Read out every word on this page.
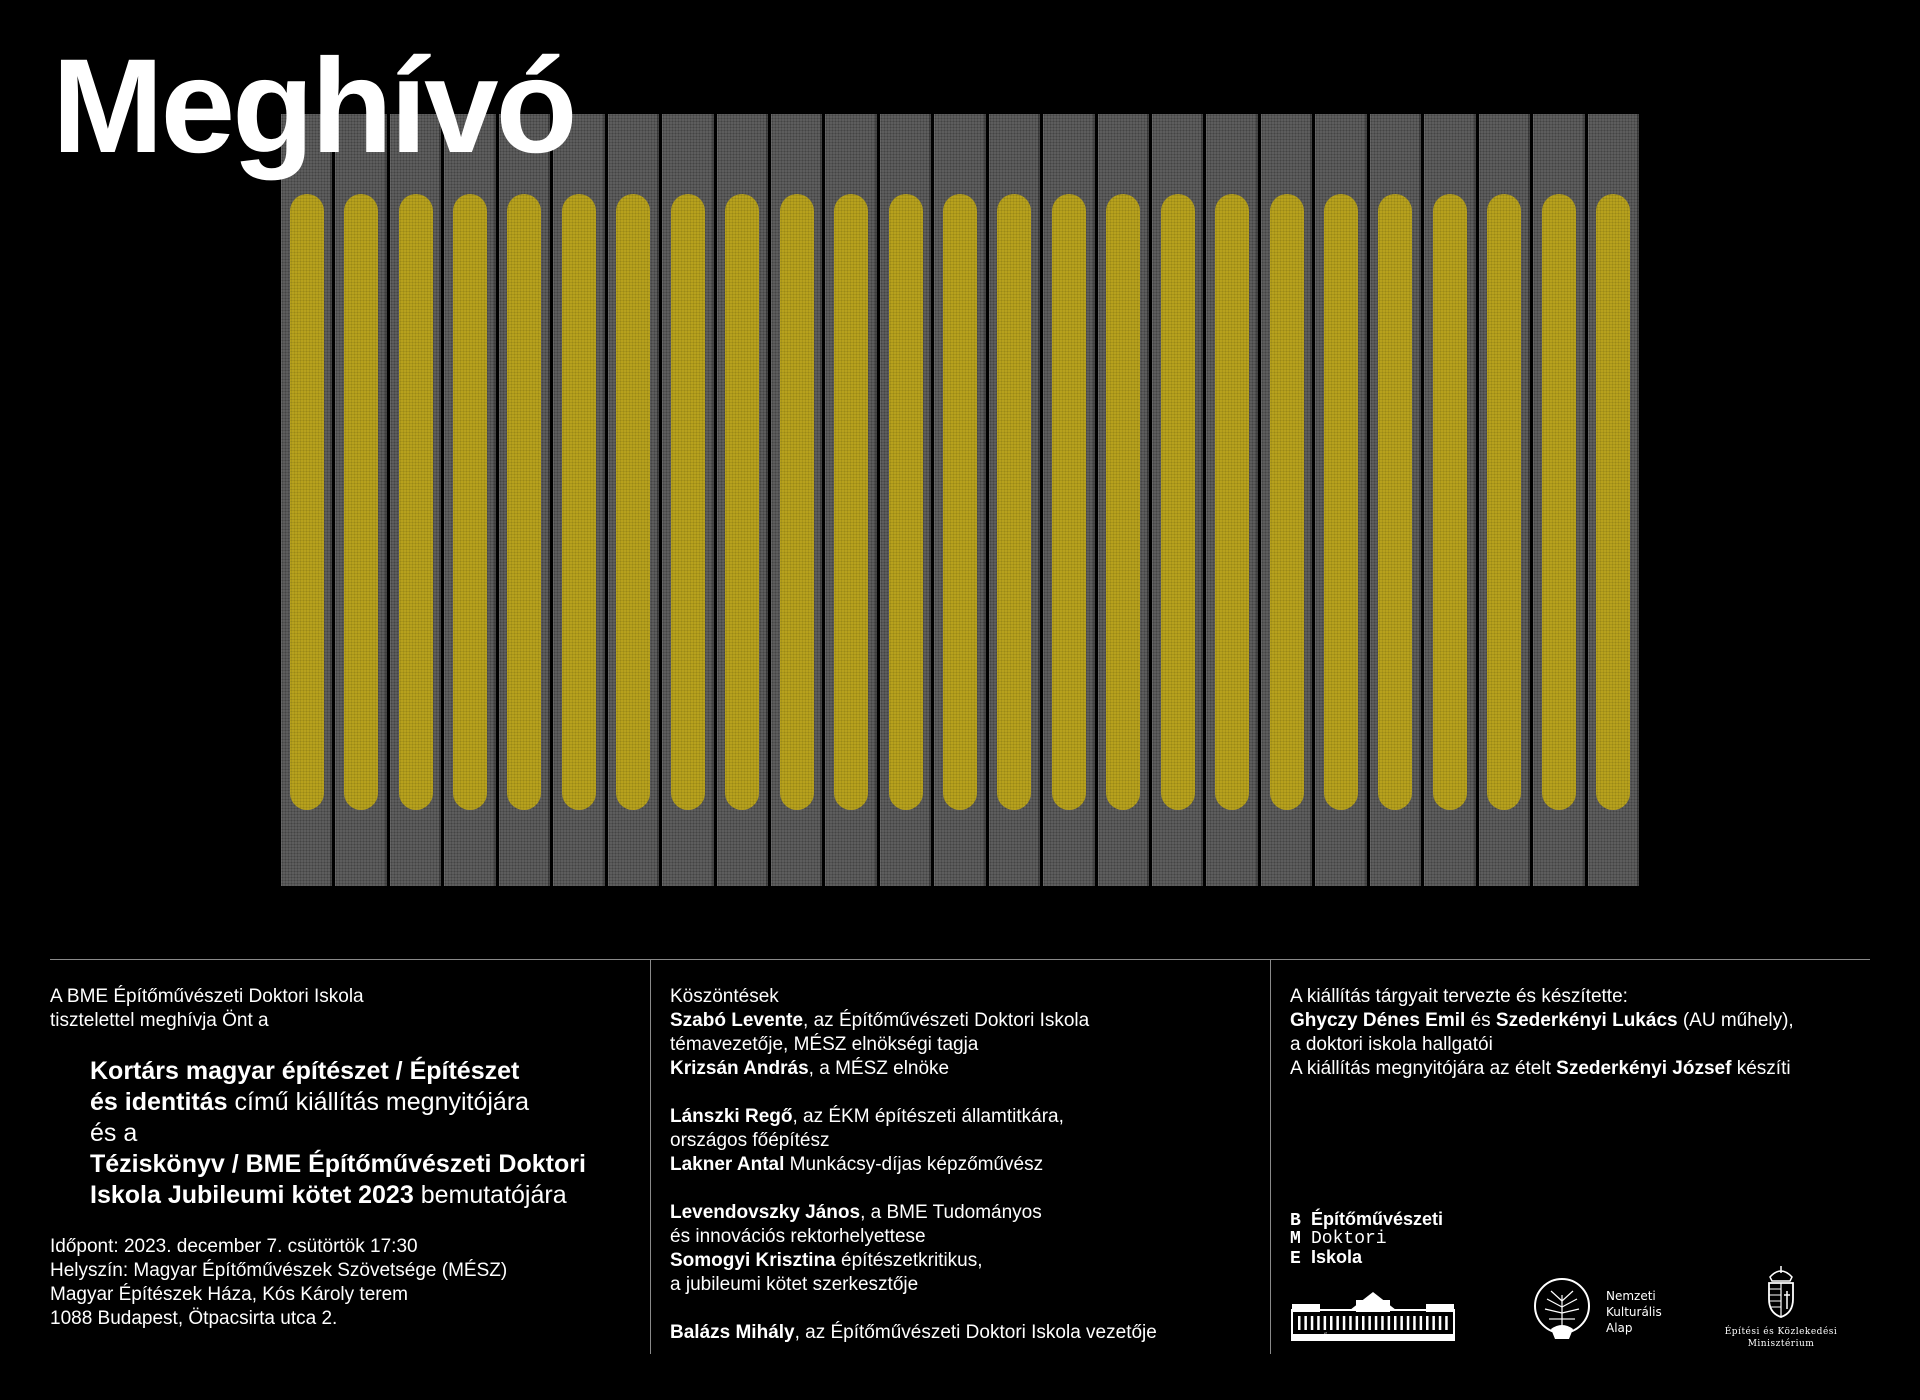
Meghívó
A BME Építőművészeti Doktori Iskola
tisztelettel meghívja Önt a
Kortárs magyar építészet / Építészet
és identitás című kiállítás megnyitójára
és a
Téziskönyv / BME Építőművészeti Doktori
Iskola Jubileumi kötet 2023 bemutatójára
Időpont: 2023. december 7. csütörtök 17:30
Helyszín: Magyar Építőművészek Szövetsége (MÉSZ)
Magyar Építészek Háza, Kós Károly terem
1088 Budapest, Ötpacsirta utca 2.
Köszöntések
Szabó Levente, az Építőművészeti Doktori Iskola
témavezetője, MÉSZ elnökségi tagja
Krizsán András, a MÉSZ elnöke
Lánszki Regő, az ÉKM építészeti államtitkára,
országos főépítész
Lakner Antal Munkácsy-díjas képzőművész
Levendovszky János, a BME Tudományos
és innovációs rektorhelyettese
Somogyi Krisztina építészetkritikus,
a jubileumi kötet szerkesztője
Balázs Mihály, az Építőművészeti Doktori Iskola vezetője
A kiállítás tárgyait tervezte és készítette:
Ghyczy Dénes Emil és Szederkényi Lukács (AU műhely),
a doktori iskola hallgatói
A kiállítás megnyitójára az ételt Szederkényi József készíti
B Építőművészeti
M Doktori
E Iskola
MŰEGYETEM 1782
Nemzeti
Kulturális
Alap	Építési és Közlekedési
Minisztérium
